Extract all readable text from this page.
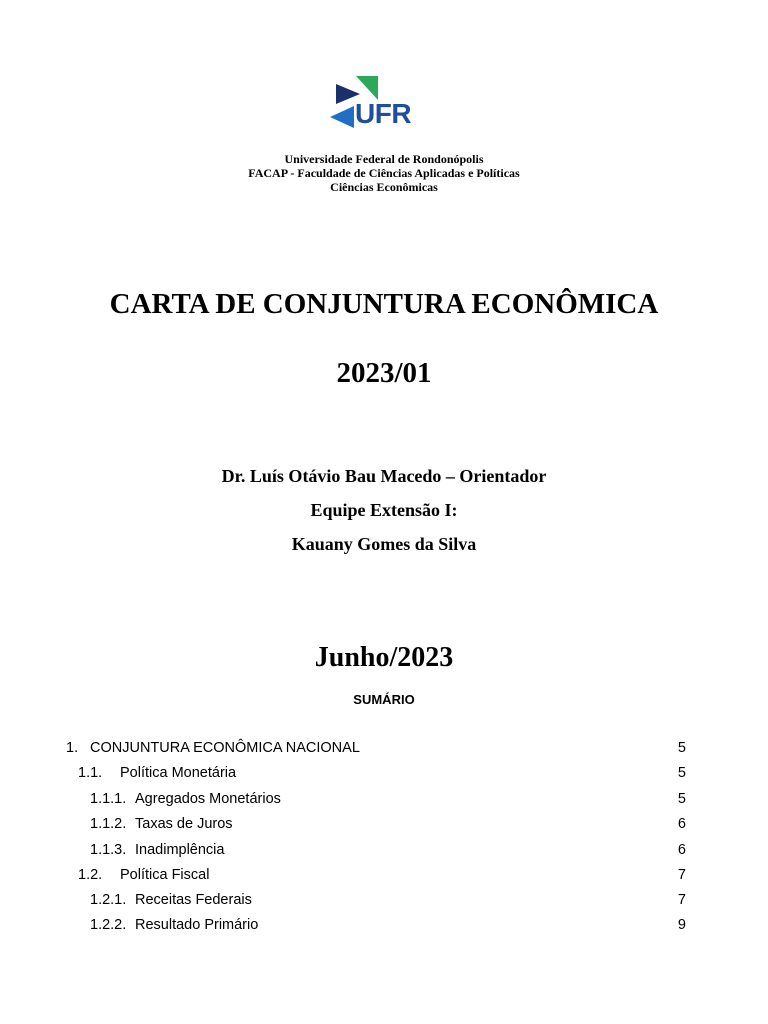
UFR
Universidade Federal de Rondonópolis
FACAP - Faculdade de Ciências Aplicadas e Políticas
Ciências Econômicas
CARTA DE CONJUNTURA ECONÔMICA
2023/01
Dr. Luís Otávio Bau Macedo – Orientador
Equipe Extensão I:
Kauany Gomes da Silva
Junho/2023
SUMÁRIO
1. CONJUNTURA ECONÔMICA NACIONAL	5
1.1. Política Monetária	5
1.1.1. Agregados Monetários	5
1.1.2. Taxas de Juros	6
1.1.3. Inadimplência	6
1.2. Política Fiscal	7
1.2.1. Receitas Federais	7
1.2.2. Resultado Primário	9
